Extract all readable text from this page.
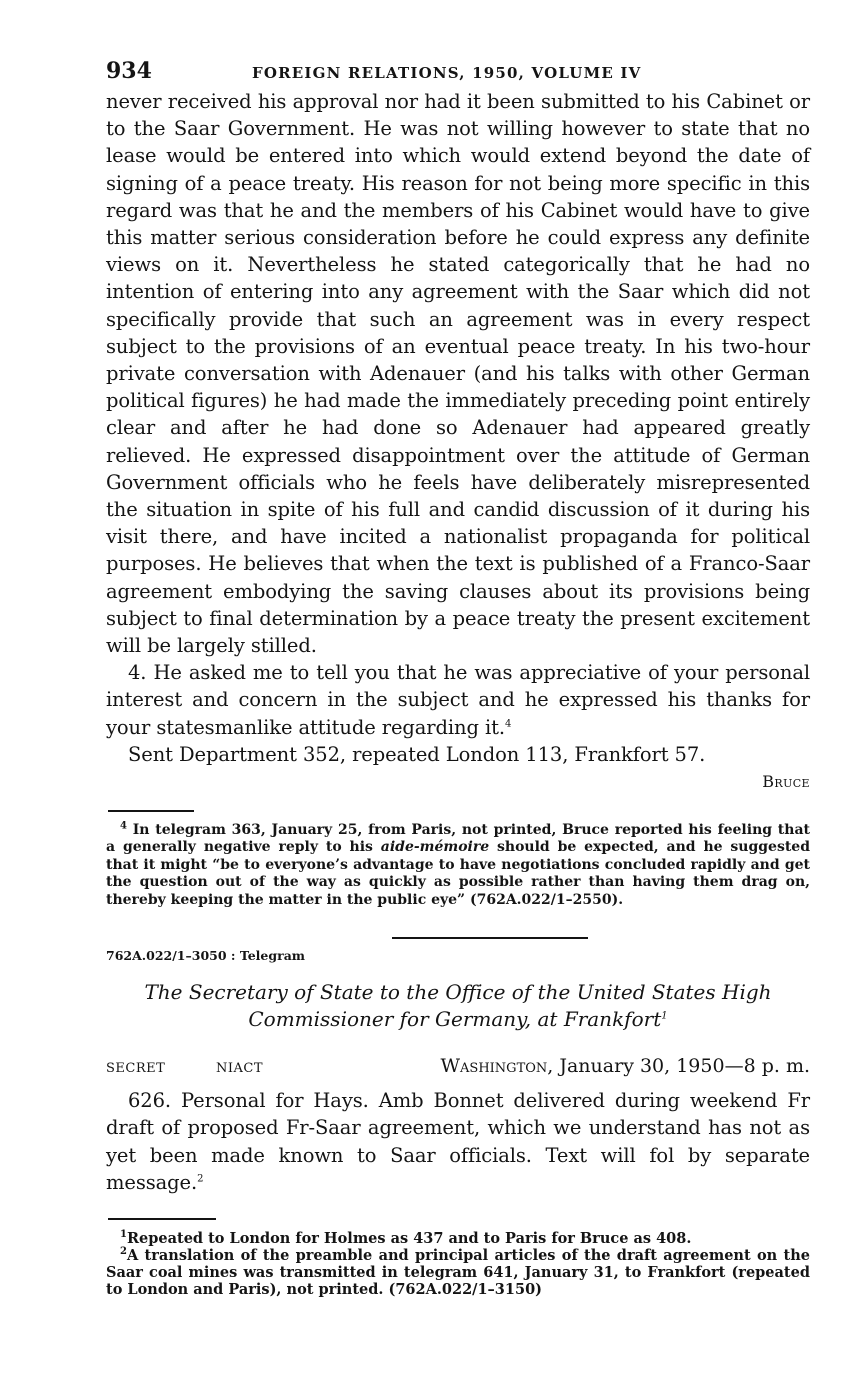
934	FOREIGN RELATIONS, 1950, VOLUME IV

never received his approval nor had it been submitted to his Cabinet or to the Saar Government. He was not willing however to state that no lease would be entered into which would extend beyond the date of signing of a peace treaty. His reason for not being more specific in this regard was that he and the members of his Cabinet would have to give this matter serious consideration before he could express any definite views on it. Nevertheless he stated categorically that he had no intention of entering into any agreement with the Saar which did not specifically provide that such an agreement was in every respect subject to the provisions of an eventual peace treaty. In his two-hour private conversation with Adenauer (and his talks with other German political figures) he had made the immediately preceding point entirely clear and after he had done so Adenauer had appeared greatly relieved. He expressed disappointment over the attitude of German Government officials who he feels have deliberately misrepresented the situation in spite of his full and candid discussion of it during his visit there, and have incited a nationalist propaganda for political purposes. He believes that when the text is published of a Franco-Saar agreement embodying the saving clauses about its provisions being subject to final determination by a peace treaty the present excitement will be largely stilled.

4. He asked me to tell you that he was appreciative of your personal interest and concern in the subject and he expressed his thanks for your statesmanlike attitude regarding it.$^4$

Sent Department 352, repeated London 113, Frankfort 57.

Bruce

$^4$ In telegram 363, January 25, from Paris, not printed, Bruce reported his feeling that a generally negative reply to his aide-mémoire should be expected, and he suggested that it might “be to everyone’s advantage to have negotiations concluded rapidly and get the question out of the way as quickly as possible rather than having them drag on, thereby keeping the matter in the public eye” (762A.022/1–2550).

762A.022/1–3050 : Telegram

The Secretary of State to the Office of the United States High Commissioner for Germany, at Frankfort$^1$

SECRET	NIACT	Washington, January 30, 1950—8 p. m.

626. Personal for Hays. Amb Bonnet delivered during weekend Fr draft of proposed Fr-Saar agreement, which we understand has not as yet been made known to Saar officials. Text will fol by separate message.$^2$

$^1$Repeated to London for Holmes as 437 and to Paris for Bruce as 408.

$^2$A translation of the preamble and principal articles of the draft agreement on the Saar coal mines was transmitted in telegram 641, January 31, to Frankfort (repeated to London and Paris), not printed. (762A.022/1–3150)
